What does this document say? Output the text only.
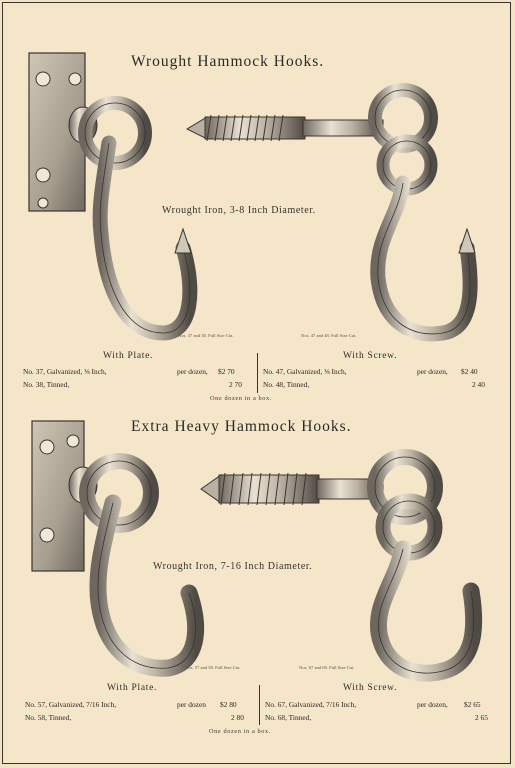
Wrought Hammock Hooks.
Wrought Iron, 3-8 Inch Diameter.
Nos. 37 and 38. Full Size Cut.	Nos. 47 and 48. Full Size Cut.
With Plate.	With Screw.
No. 37, Galvanized, ⅜ Inch,	per dozen, $2 70
No. 38, Tinned,	2 70
No. 47, Galvanized, ⅜ Inch,	per dozen, $2 40
No. 48, Tinned,	2 40
One dozen in a box.
Extra Heavy Hammock Hooks.
Wrought Iron, 7-16 Inch Diameter.
Nos. 57 and 58. Full Size Cut.	Nos. 67 and 68. Full Size Cut.
With Plate.	With Screw.
No. 57, Galvanized, 7/16 Inch,	per dozen $2 80
No. 58, Tinned,	2 80
No. 67, Galvanized, 7/16 Inch,	per dozen, $2 65
No. 68, Tinned,	2 65
One dozen in a box.
